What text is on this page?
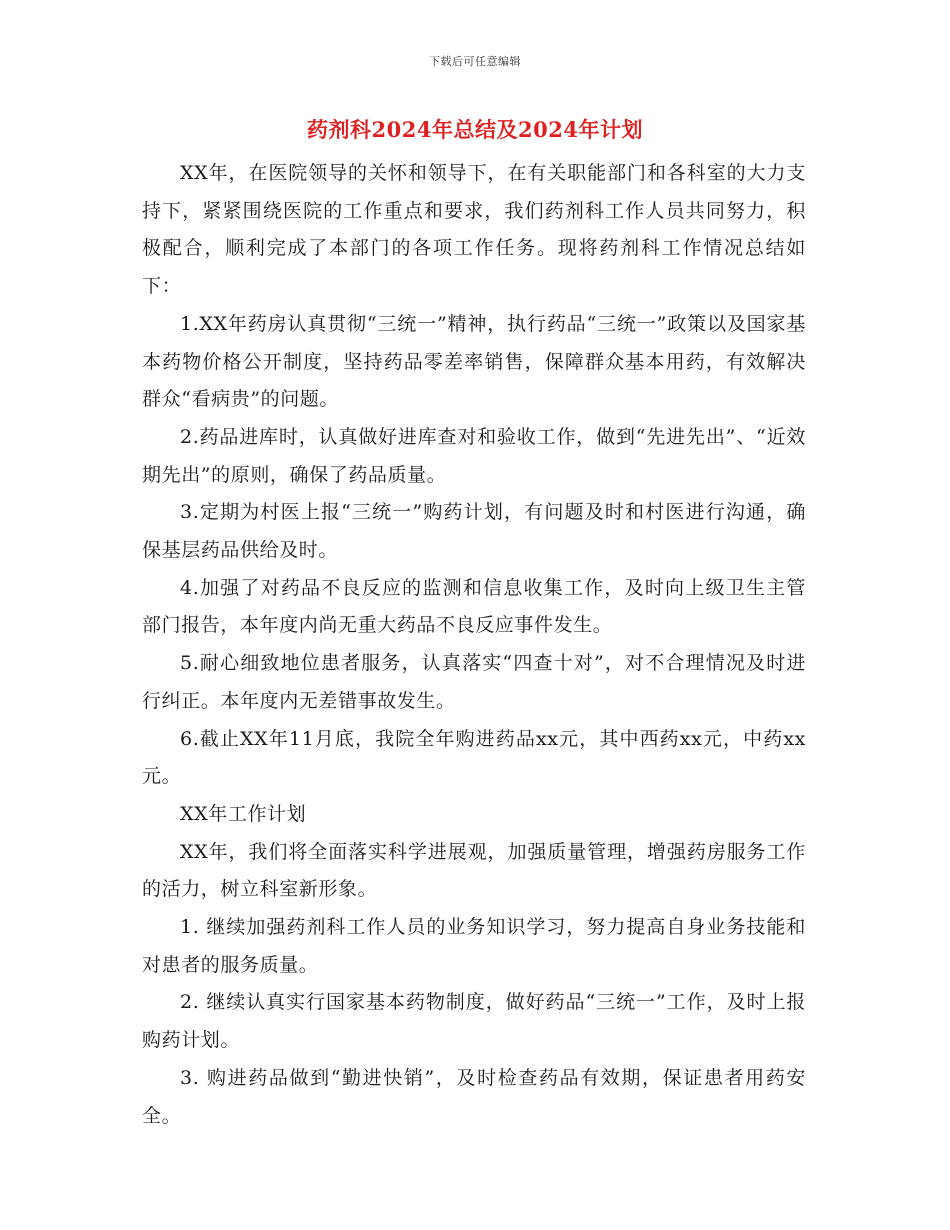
下载后可任意编辑
药剂科2024年总结及2024年计划

XX年，在医院领导的关怀和领导下，在有关职能部门和各科室的大力支持下，紧紧围绕医院的工作重点和要求，我们药剂科工作人员共同努力，积极配合，顺利完成了本部门的各项工作任务。现将药剂科工作情况总结如下：

1.XX年药房认真贯彻“三统一”精神，执行药品“三统一”政策以及国家基本药物价格公开制度，坚持药品零差率销售，保障群众基本用药，有效解决群众“看病贵”的问题。

2.药品进库时，认真做好进库查对和验收工作，做到“先进先出”、“近效期先出”的原则，确保了药品质量。

3.定期为村医上报“三统一”购药计划，有问题及时和村医进行沟通，确保基层药品供给及时。

4.加强了对药品不良反应的监测和信息收集工作，及时向上级卫生主管部门报告，本年度内尚无重大药品不良反应事件发生。

5.耐心细致地位患者服务，认真落实“四查十对”，对不合理情况及时进行纠正。本年度内无差错事故发生。

6.截止XX年11月底，我院全年购进药品xx元，其中西药xx元，中药xx元。

XX年工作计划

XX年，我们将全面落实科学进展观，加强质量管理，增强药房服务工作的活力，树立科室新形象。

1. 继续加强药剂科工作人员的业务知识学习，努力提高自身业务技能和对患者的服务质量。

2. 继续认真实行国家基本药物制度，做好药品“三统一”工作，及时上报购药计划。

3. 购进药品做到“勤进快销”，及时检查药品有效期，保证患者用药安全。
